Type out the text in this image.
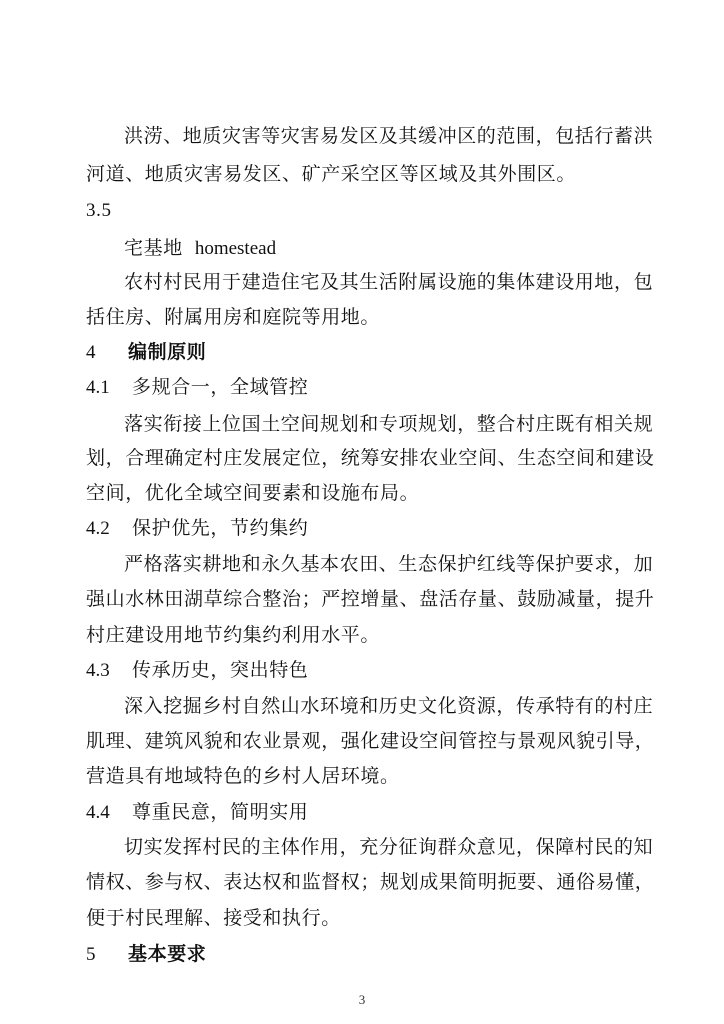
洪涝、地质灾害等灾害易发区及其缓冲区的范围，包括行蓄洪
河道、地质灾害易发区、矿产采空区等区域及其外围区。
3.5
宅基地 homestead
农村村民用于建造住宅及其生活附属设施的集体建设用地，包
括住房、附属用房和庭院等用地。
4 编制原则
4.1 多规合一，全域管控
落实衔接上位国土空间规划和专项规划，整合村庄既有相关规
划，合理确定村庄发展定位，统筹安排农业空间、生态空间和建设
空间，优化全域空间要素和设施布局。
4.2 保护优先，节约集约
严格落实耕地和永久基本农田、生态保护红线等保护要求，加
强山水林田湖草综合整治；严控增量、盘活存量、鼓励减量，提升
村庄建设用地节约集约利用水平。
4.3 传承历史，突出特色
深入挖掘乡村自然山水环境和历史文化资源，传承特有的村庄
肌理、建筑风貌和农业景观，强化建设空间管控与景观风貌引导，
营造具有地域特色的乡村人居环境。
4.4 尊重民意，简明实用
切实发挥村民的主体作用，充分征询群众意见，保障村民的知
情权、参与权、表达权和监督权；规划成果简明扼要、通俗易懂，
便于村民理解、接受和执行。
5 基本要求
3
